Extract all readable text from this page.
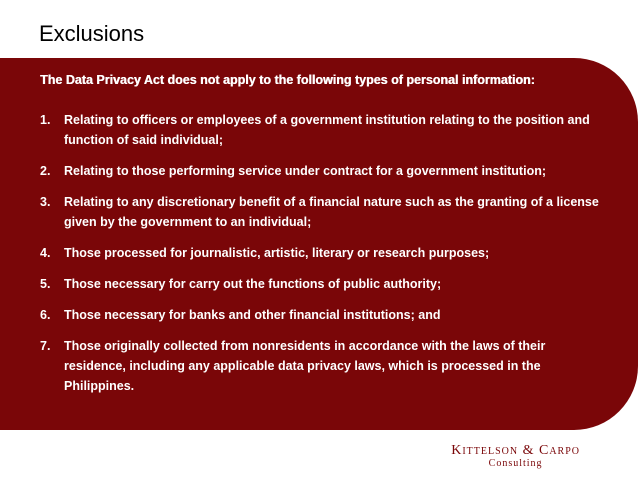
Exclusions
The Data Privacy Act does not apply to the following types of personal information:
1. Relating to officers or employees of a government institution relating to the position and function of said individual;
2. Relating to those performing service under contract for a government institution;
3. Relating to any discretionary benefit of a financial nature such as the granting of a license given by the government to an individual;
4. Those processed for journalistic, artistic, literary or research purposes;
5. Those necessary for carry out the functions of public authority;
6. Those necessary for banks and other financial institutions; and
7. Those originally collected from nonresidents in accordance with the laws of their residence, including any applicable data privacy laws, which is processed in the Philippines.
Kittelson & Carpo
Consulting
